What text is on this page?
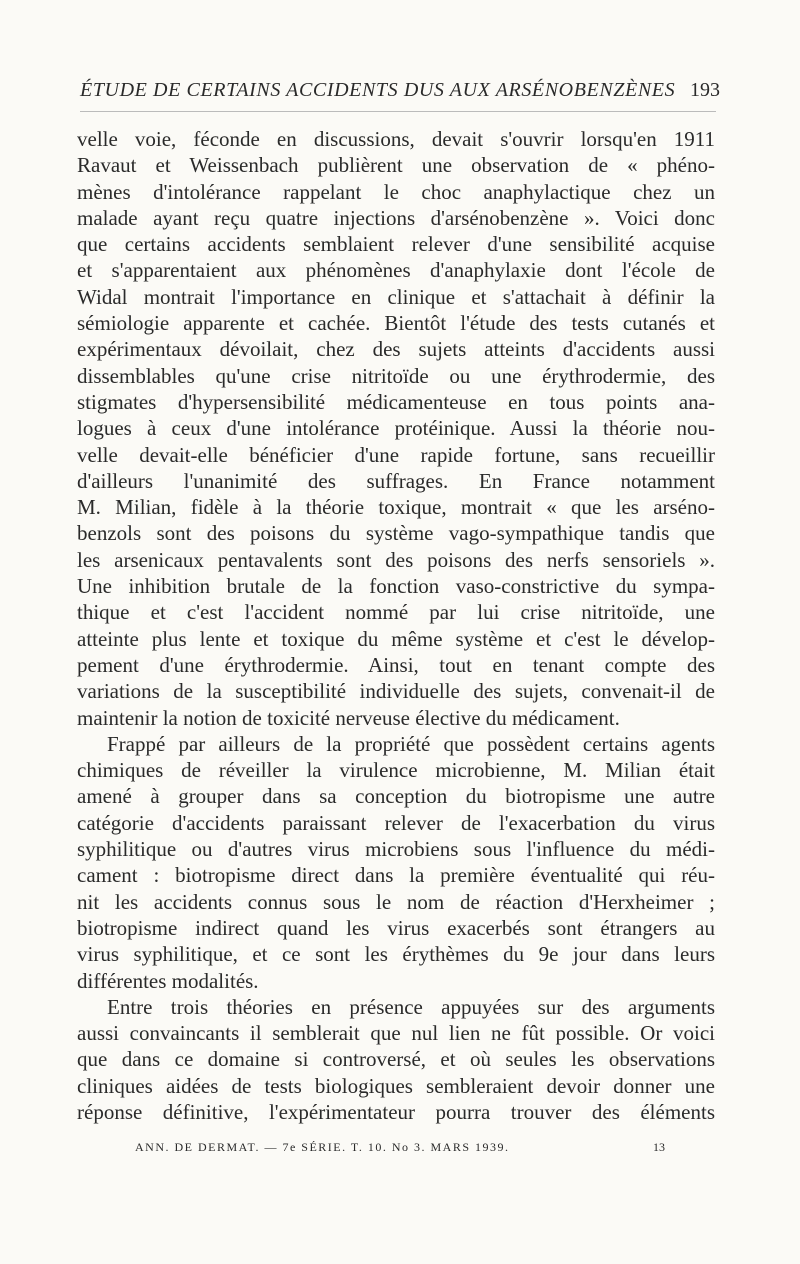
ÉTUDE DE CERTAINS ACCIDENTS DUS AUX ARSÉNOBENZÈNES 193
velle voie, féconde en discussions, devait s'ouvrir lorsqu'en 1911
Ravaut et Weissenbach publièrent une observation de « phéno-
mènes d'intolérance rappelant le choc anaphylactique chez un
malade ayant reçu quatre injections d'arsénobenzène ». Voici donc
que certains accidents semblaient relever d'une sensibilité acquise
et s'apparentaient aux phénomènes d'anaphylaxie dont l'école de
Widal montrait l'importance en clinique et s'attachait à définir la
sémiologie apparente et cachée. Bientôt l'étude des tests cutanés et
expérimentaux dévoilait, chez des sujets atteints d'accidents aussi
dissemblables qu'une crise nitritoïde ou une érythrodermie, des
stigmates d'hypersensibilité médicamenteuse en tous points ana-
logues à ceux d'une intolérance protéinique. Aussi la théorie nou-
velle devait-elle bénéficier d'une rapide fortune, sans recueillir
d'ailleurs l'unanimité des suffrages. En France notamment
M. Milian, fidèle à la théorie toxique, montrait « que les arséno-
benzols sont des poisons du système vago-sympathique tandis que
les arsenicaux pentavalents sont des poisons des nerfs sensoriels ».
Une inhibition brutale de la fonction vaso-constrictive du sympa-
thique et c'est l'accident nommé par lui crise nitritoïde, une
atteinte plus lente et toxique du même système et c'est le dévelop-
pement d'une érythrodermie. Ainsi, tout en tenant compte des
variations de la susceptibilité individuelle des sujets, convenait-il de
maintenir la notion de toxicité nerveuse élective du médicament.
Frappé par ailleurs de la propriété que possèdent certains agents
chimiques de réveiller la virulence microbienne, M. Milian était
amené à grouper dans sa conception du biotropisme une autre
catégorie d'accidents paraissant relever de l'exacerbation du virus
syphilitique ou d'autres virus microbiens sous l'influence du médi-
cament : biotropisme direct dans la première éventualité qui réu-
nit les accidents connus sous le nom de réaction d'Herxheimer ;
biotropisme indirect quand les virus exacerbés sont étrangers au
virus syphilitique, et ce sont les érythèmes du 9e jour dans leurs
différentes modalités.
Entre trois théories en présence appuyées sur des arguments
aussi convaincants il semblerait que nul lien ne fût possible. Or voici
que dans ce domaine si controversé, et où seules les observations
cliniques aidées de tests biologiques sembleraient devoir donner une
réponse définitive, l'expérimentateur pourra trouver des éléments
ANN. DE DERMAT. — 7e SÉRIE. T. 10. No 3. MARS 1939.	13
